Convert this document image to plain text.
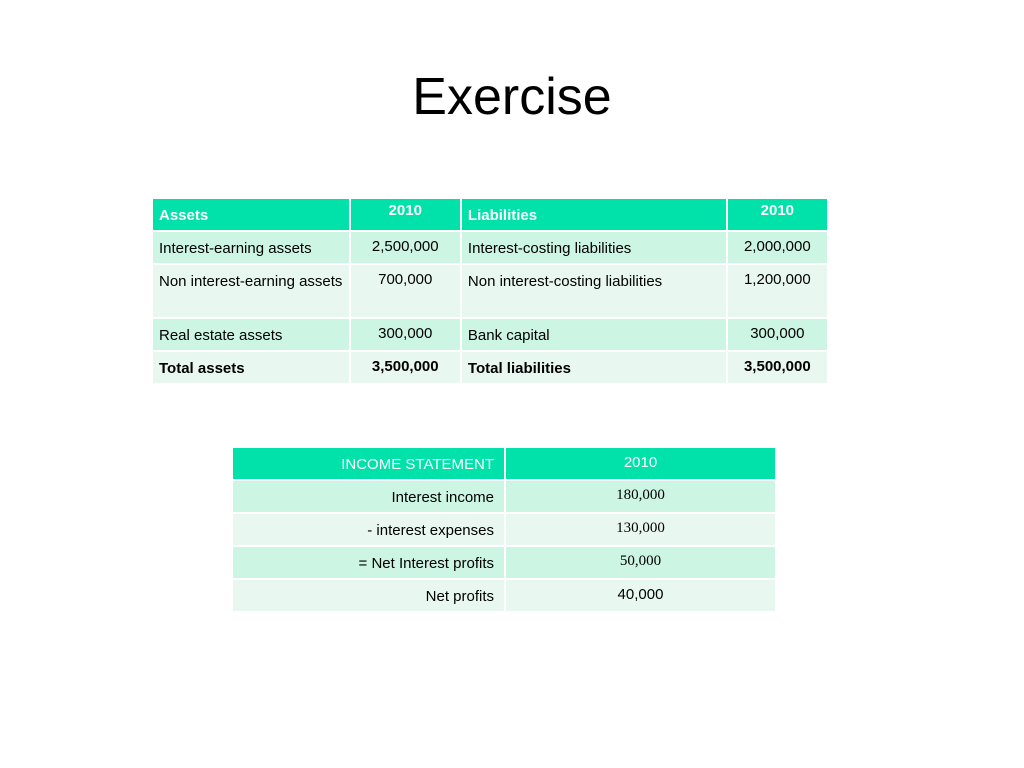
Exercise
Assets	2010	Liabilities	2010
Interest-earning assets	2,500,000	Interest-costing liabilities	2,000,000
Non interest-earning assets	700,000	Non interest-costing liabilities	1,200,000
Real estate assets	300,000	Bank capital	300,000
Total assets	3,500,000	Total liabilities	3,500,000
INCOME STATEMENT	2010
Interest income	180,000
- interest expenses	130,000
= Net Interest profits	50,000
Net profits	40,000
